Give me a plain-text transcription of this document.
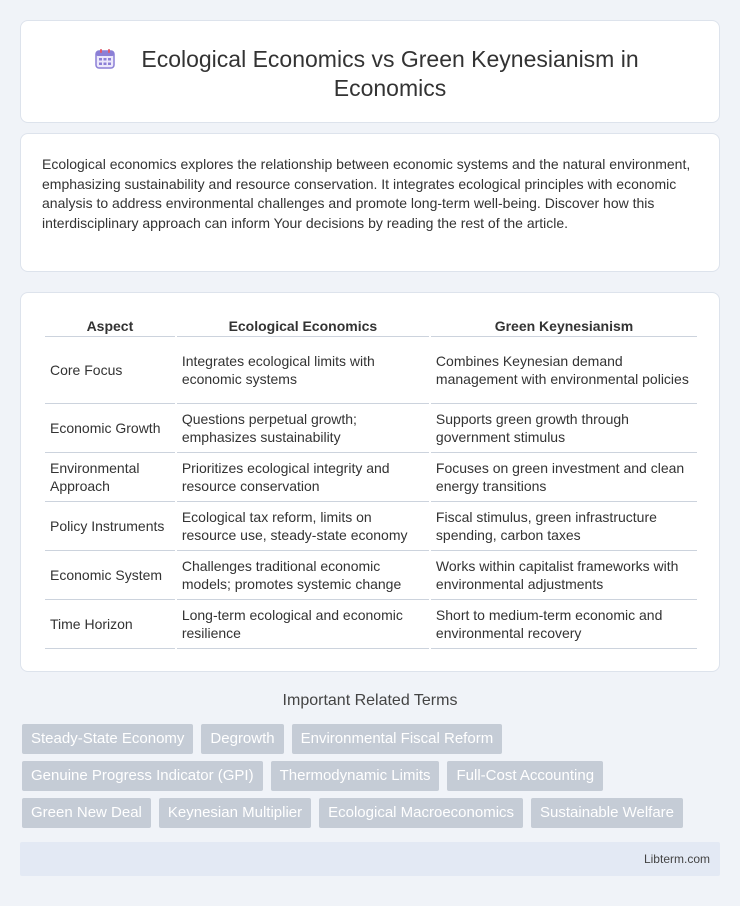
Ecological Economics vs Green Keynesianism in Economics

Ecological economics explores the relationship between economic systems and the natural environment, emphasizing sustainability and resource conservation. It integrates ecological principles with economic analysis to address environmental challenges and promote long-term well-being. Discover how this interdisciplinary approach can inform Your decisions by reading the rest of the article.

Aspect	Ecological Economics	Green Keynesianism
Core Focus	Integrates ecological limits with economic systems	Combines Keynesian demand management with environmental policies
Economic Growth	Questions perpetual growth; emphasizes sustainability	Supports green growth through government stimulus
Environmental Approach	Prioritizes ecological integrity and resource conservation	Focuses on green investment and clean energy transitions
Policy Instruments	Ecological tax reform, limits on resource use, steady-state economy	Fiscal stimulus, green infrastructure spending, carbon taxes
Economic System	Challenges traditional economic models; promotes systemic change	Works within capitalist frameworks with environmental adjustments
Time Horizon	Long-term ecological and economic resilience	Short to medium-term economic and environmental recovery
Important Related Terms
Steady-State Economy	Degrowth	Environmental Fiscal Reform
Genuine Progress Indicator (GPI)	Thermodynamic Limits	Full-Cost Accounting
Green New Deal	Keynesian Multiplier	Ecological Macroeconomics	Sustainable Welfare
Libterm.com
